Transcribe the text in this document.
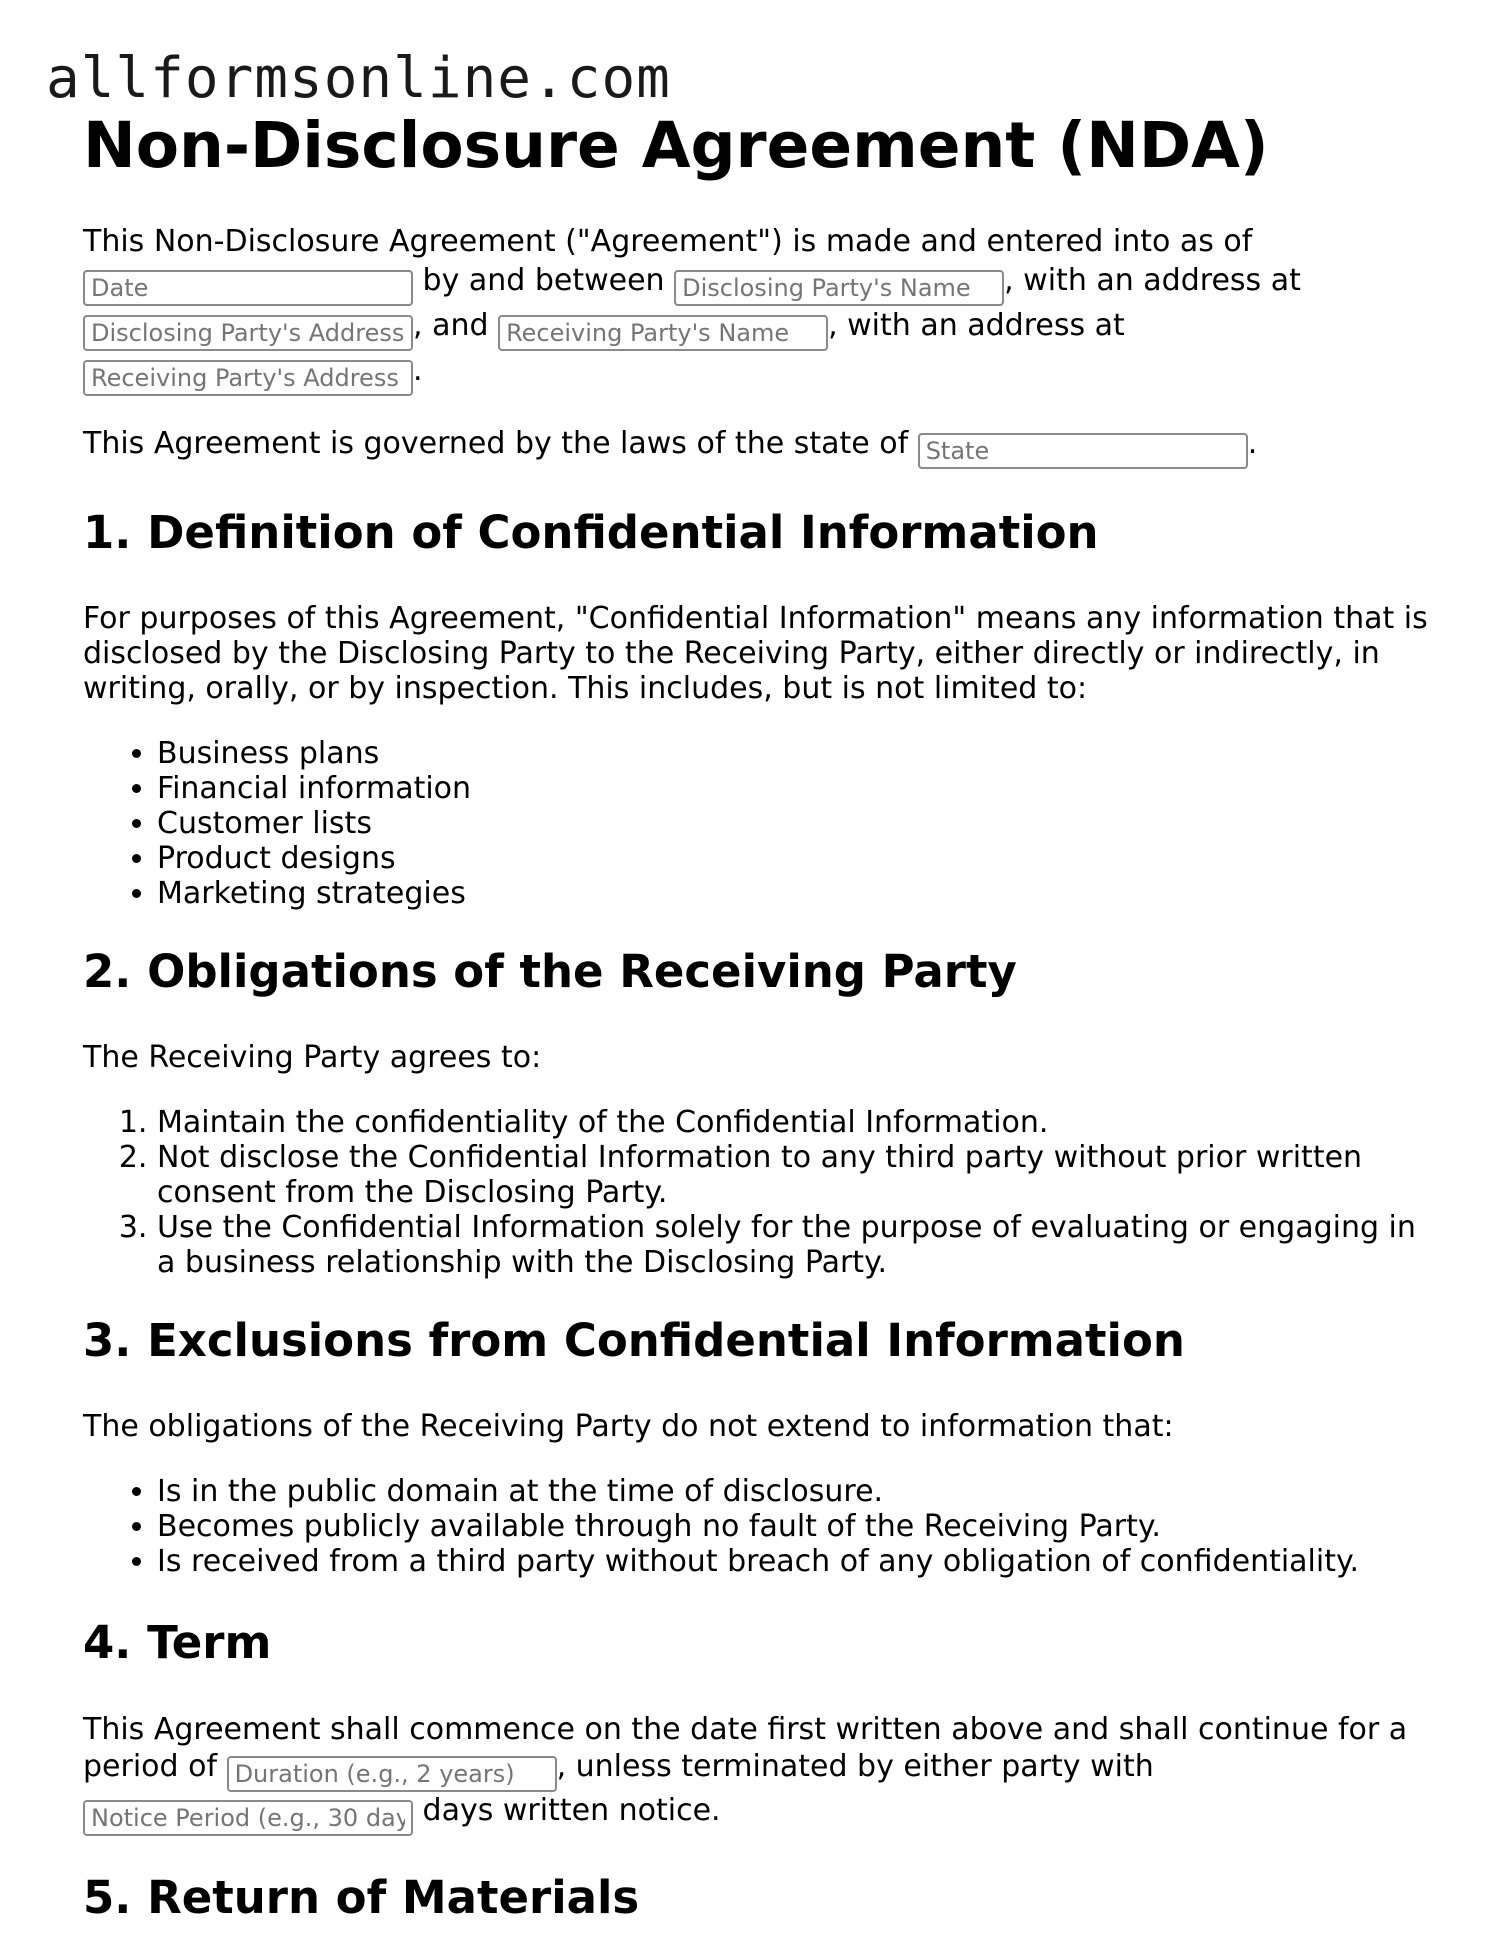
allformsonline.com
Non-Disclosure Agreement (NDA)

This Non-Disclosure Agreement ("Agreement") is made and entered into as of
Date by and between Disclosing Party's Name	, with an address at
Disclosing Party's Address, and Receiving Party's Name	, with an address at
Receiving Party's Address.

This Agreement is governed by the laws of the state of State	.

1. Definition of Confidential Information

For purposes of this Agreement, "Confidential Information" means any information that is disclosed by the Disclosing Party to the Receiving Party, either directly or indirectly, in writing, orally, or by inspection. This includes, but is not limited to:

• Business plans
• Financial information
• Customer lists
• Product designs
• Marketing strategies
2. Obligations of the Receiving Party

The Receiving Party agrees to:

1. Maintain the confidentiality of the Confidential Information.
2. Not disclose the Confidential Information to any third party without prior written consent from the Disclosing Party.
3. Use the Confidential Information solely for the purpose of evaluating or engaging in a business relationship with the Disclosing Party.
3. Exclusions from Confidential Information

The obligations of the Receiving Party do not extend to information that:

• Is in the public domain at the time of disclosure.
• Becomes publicly available through no fault of the Receiving Party.
• Is received from a third party without breach of any obligation of confidentiality.
4. Term

This Agreement shall commence on the date first written above and shall continue for a period of Duration (e.g., 2 years)	, unless terminated by either party with
Notice Period (e.g., 30 days) days written notice.

5. Return of Materials
